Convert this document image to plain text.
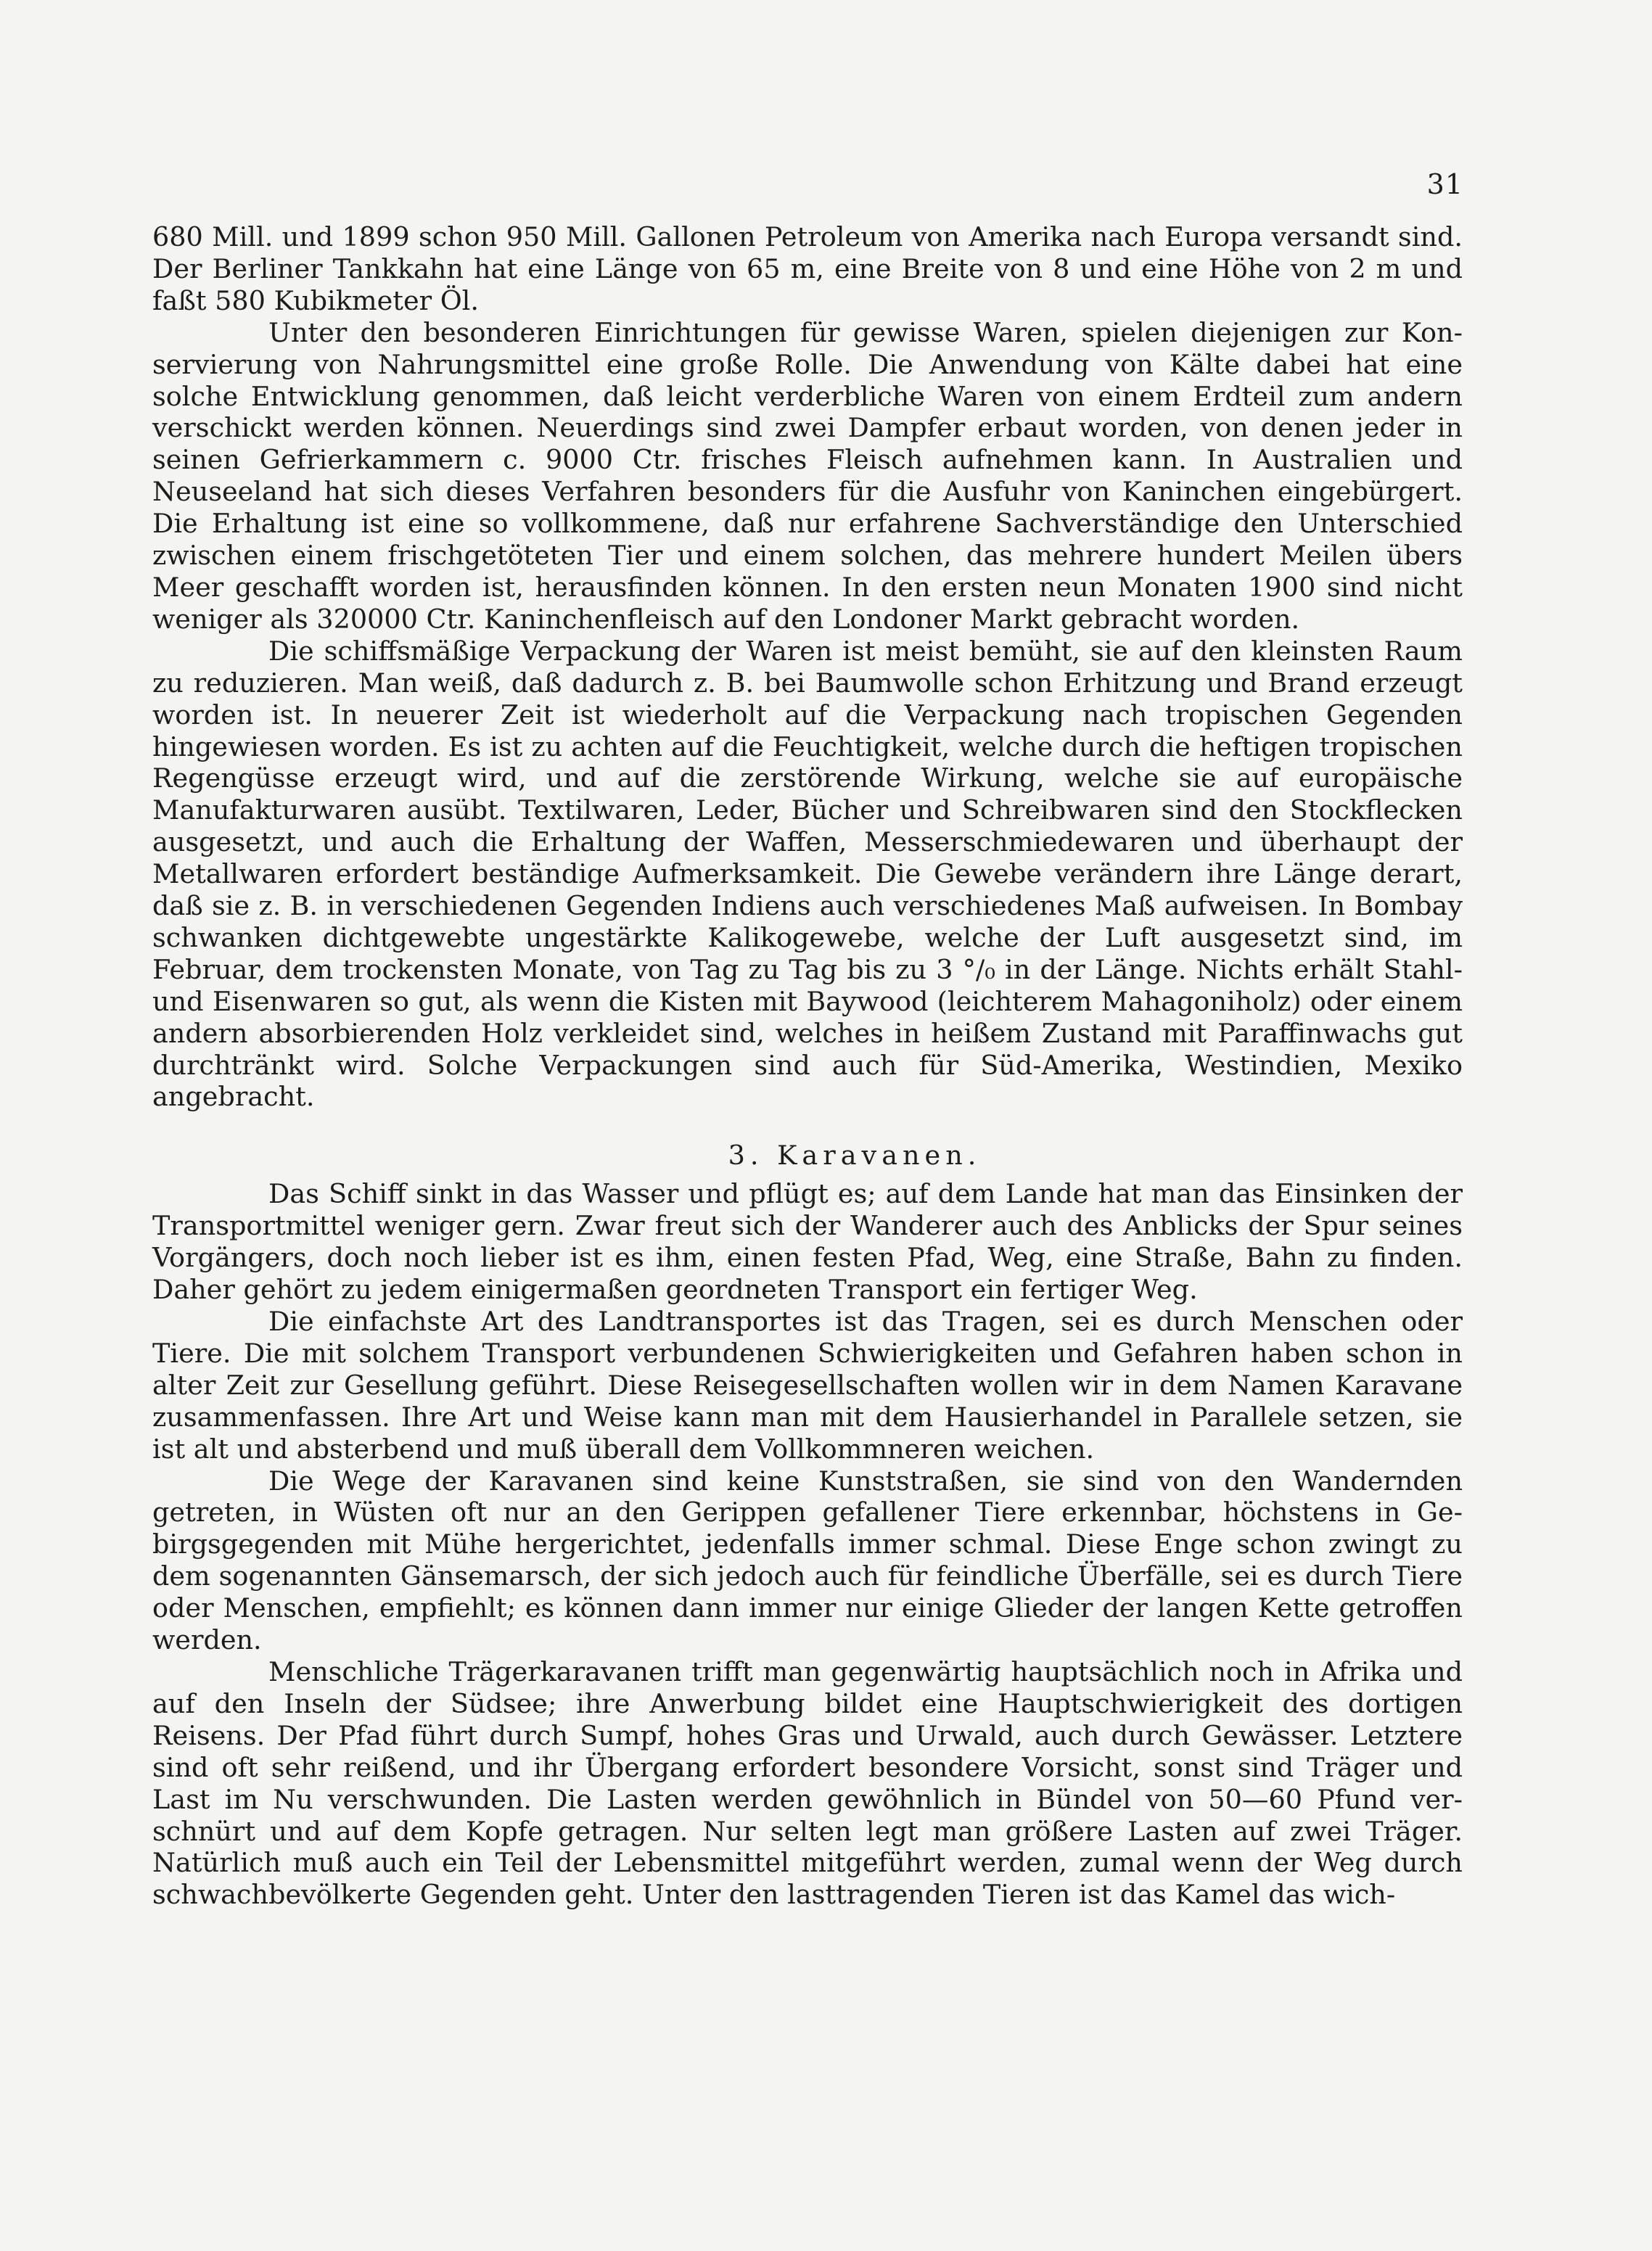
31

680 Mill. und 1899 schon 950 Mill. Gallonen Petroleum von Amerika nach Europa versandt sind. Der Berliner Tankkahn hat eine Länge von 65 m, eine Breite von 8 und eine Höhe von 2 m und faßt 580 Kubikmeter Öl.

Unter den besonderen Einrichtungen für gewisse Waren, spielen diejenigen zur Konservierung von Nahrungsmittel eine große Rolle. Die Anwendung von Kälte dabei hat eine solche Entwicklung genommen, daß leicht verderbliche Waren von einem Erdteil zum andern verschickt werden können. Neuerdings sind zwei Dampfer erbaut worden, von denen jeder in seinen Gefrierkammern c. 9000 Ctr. frisches Fleisch aufnehmen kann. In Australien und Neuseeland hat sich dieses Verfahren besonders für die Ausfuhr von Kaninchen eingebürgert. Die Erhaltung ist eine so vollkommene, daß nur erfahrene Sachverständige den Unterschied zwischen einem frischgetöteten Tier und einem solchen, das mehrere hundert Meilen übers Meer geschafft worden ist, herausfinden können. In den ersten neun Monaten 1900 sind nicht weniger als 320000 Ctr. Kaninchenfleisch auf den Londoner Markt gebracht worden.

Die schiffsmäßige Verpackung der Waren ist meist bemüht, sie auf den kleinsten Raum zu reduzieren. Man weiß, daß dadurch z. B. bei Baumwolle schon Erhitzung und Brand erzeugt worden ist. In neuerer Zeit ist wiederholt auf die Verpackung nach tropischen Gegenden hingewiesen worden. Es ist zu achten auf die Feuchtigkeit, welche durch die heftigen tropischen Regengüsse erzeugt wird, und auf die zerstörende Wirkung, welche sie auf europäische Manufakturwaren ausübt. Textilwaren, Leder, Bücher und Schreibwaren sind den Stockflecken ausgesetzt, und auch die Erhaltung der Waffen, Messerschmiedewaren und überhaupt der Metallwaren erfordert beständige Aufmerksamkeit. Die Gewebe verändern ihre Länge derart, daß sie z. B. in verschiedenen Gegenden Indiens auch verschiedenes Maß aufweisen. In Bombay schwanken dichtgewebte ungestärkte Kalikogewebe, welche der Luft ausgesetzt sind, im Februar, dem trockensten Monate, von Tag zu Tag bis zu 3 °/₀ in der Länge. Nichts erhält Stahl- und Eisenwaren so gut, als wenn die Kisten mit Baywood (leichterem Mahagoniholz) oder einem andern absorbierenden Holz verkleidet sind, welches in heißem Zustand mit Paraffinwachs gut durchtränkt wird. Solche Verpackungen sind auch für Süd-Amerika, Westindien, Mexiko angebracht.

3. Karavanen.

Das Schiff sinkt in das Wasser und pflügt es; auf dem Lande hat man das Einsinken der Transportmittel weniger gern. Zwar freut sich der Wanderer auch des Anblicks der Spur seines Vorgängers, doch noch lieber ist es ihm, einen festen Pfad, Weg, eine Straße, Bahn zu finden. Daher gehört zu jedem einigermaßen geordneten Transport ein fertiger Weg.

Die einfachste Art des Landtransportes ist das Tragen, sei es durch Menschen oder Tiere. Die mit solchem Transport verbundenen Schwierigkeiten und Gefahren haben schon in alter Zeit zur Gesellung geführt. Diese Reisegesellschaften wollen wir in dem Namen Karavane zusammenfassen. Ihre Art und Weise kann man mit dem Hausierhandel in Parallele setzen, sie ist alt und absterbend und muß überall dem Vollkommneren weichen.

Die Wege der Karavanen sind keine Kunststraßen, sie sind von den Wandernden getreten, in Wüsten oft nur an den Gerippen gefallener Tiere erkennbar, höchstens in Gebirgsgegenden mit Mühe hergerichtet, jedenfalls immer schmal. Diese Enge schon zwingt zu dem sogenannten Gänsemarsch, der sich jedoch auch für feindliche Überfälle, sei es durch Tiere oder Menschen, empfiehlt; es können dann immer nur einige Glieder der langen Kette getroffen werden.

Menschliche Trägerkaravanen trifft man gegenwärtig hauptsächlich noch in Afrika und auf den Inseln der Südsee; ihre Anwerbung bildet eine Hauptschwierigkeit des dortigen Reisens. Der Pfad führt durch Sumpf, hohes Gras und Urwald, auch durch Gewässer. Letztere sind oft sehr reißend, und ihr Übergang erfordert besondere Vorsicht, sonst sind Träger und Last im Nu verschwunden. Die Lasten werden gewöhnlich in Bündel von 50—60 Pfund verschnürt und auf dem Kopfe getragen. Nur selten legt man größere Lasten auf zwei Träger. Natürlich muß auch ein Teil der Lebensmittel mitgeführt werden, zumal wenn der Weg durch schwachbevölkerte Gegenden geht. Unter den lasttragenden Tieren ist das Kamel das wich-
